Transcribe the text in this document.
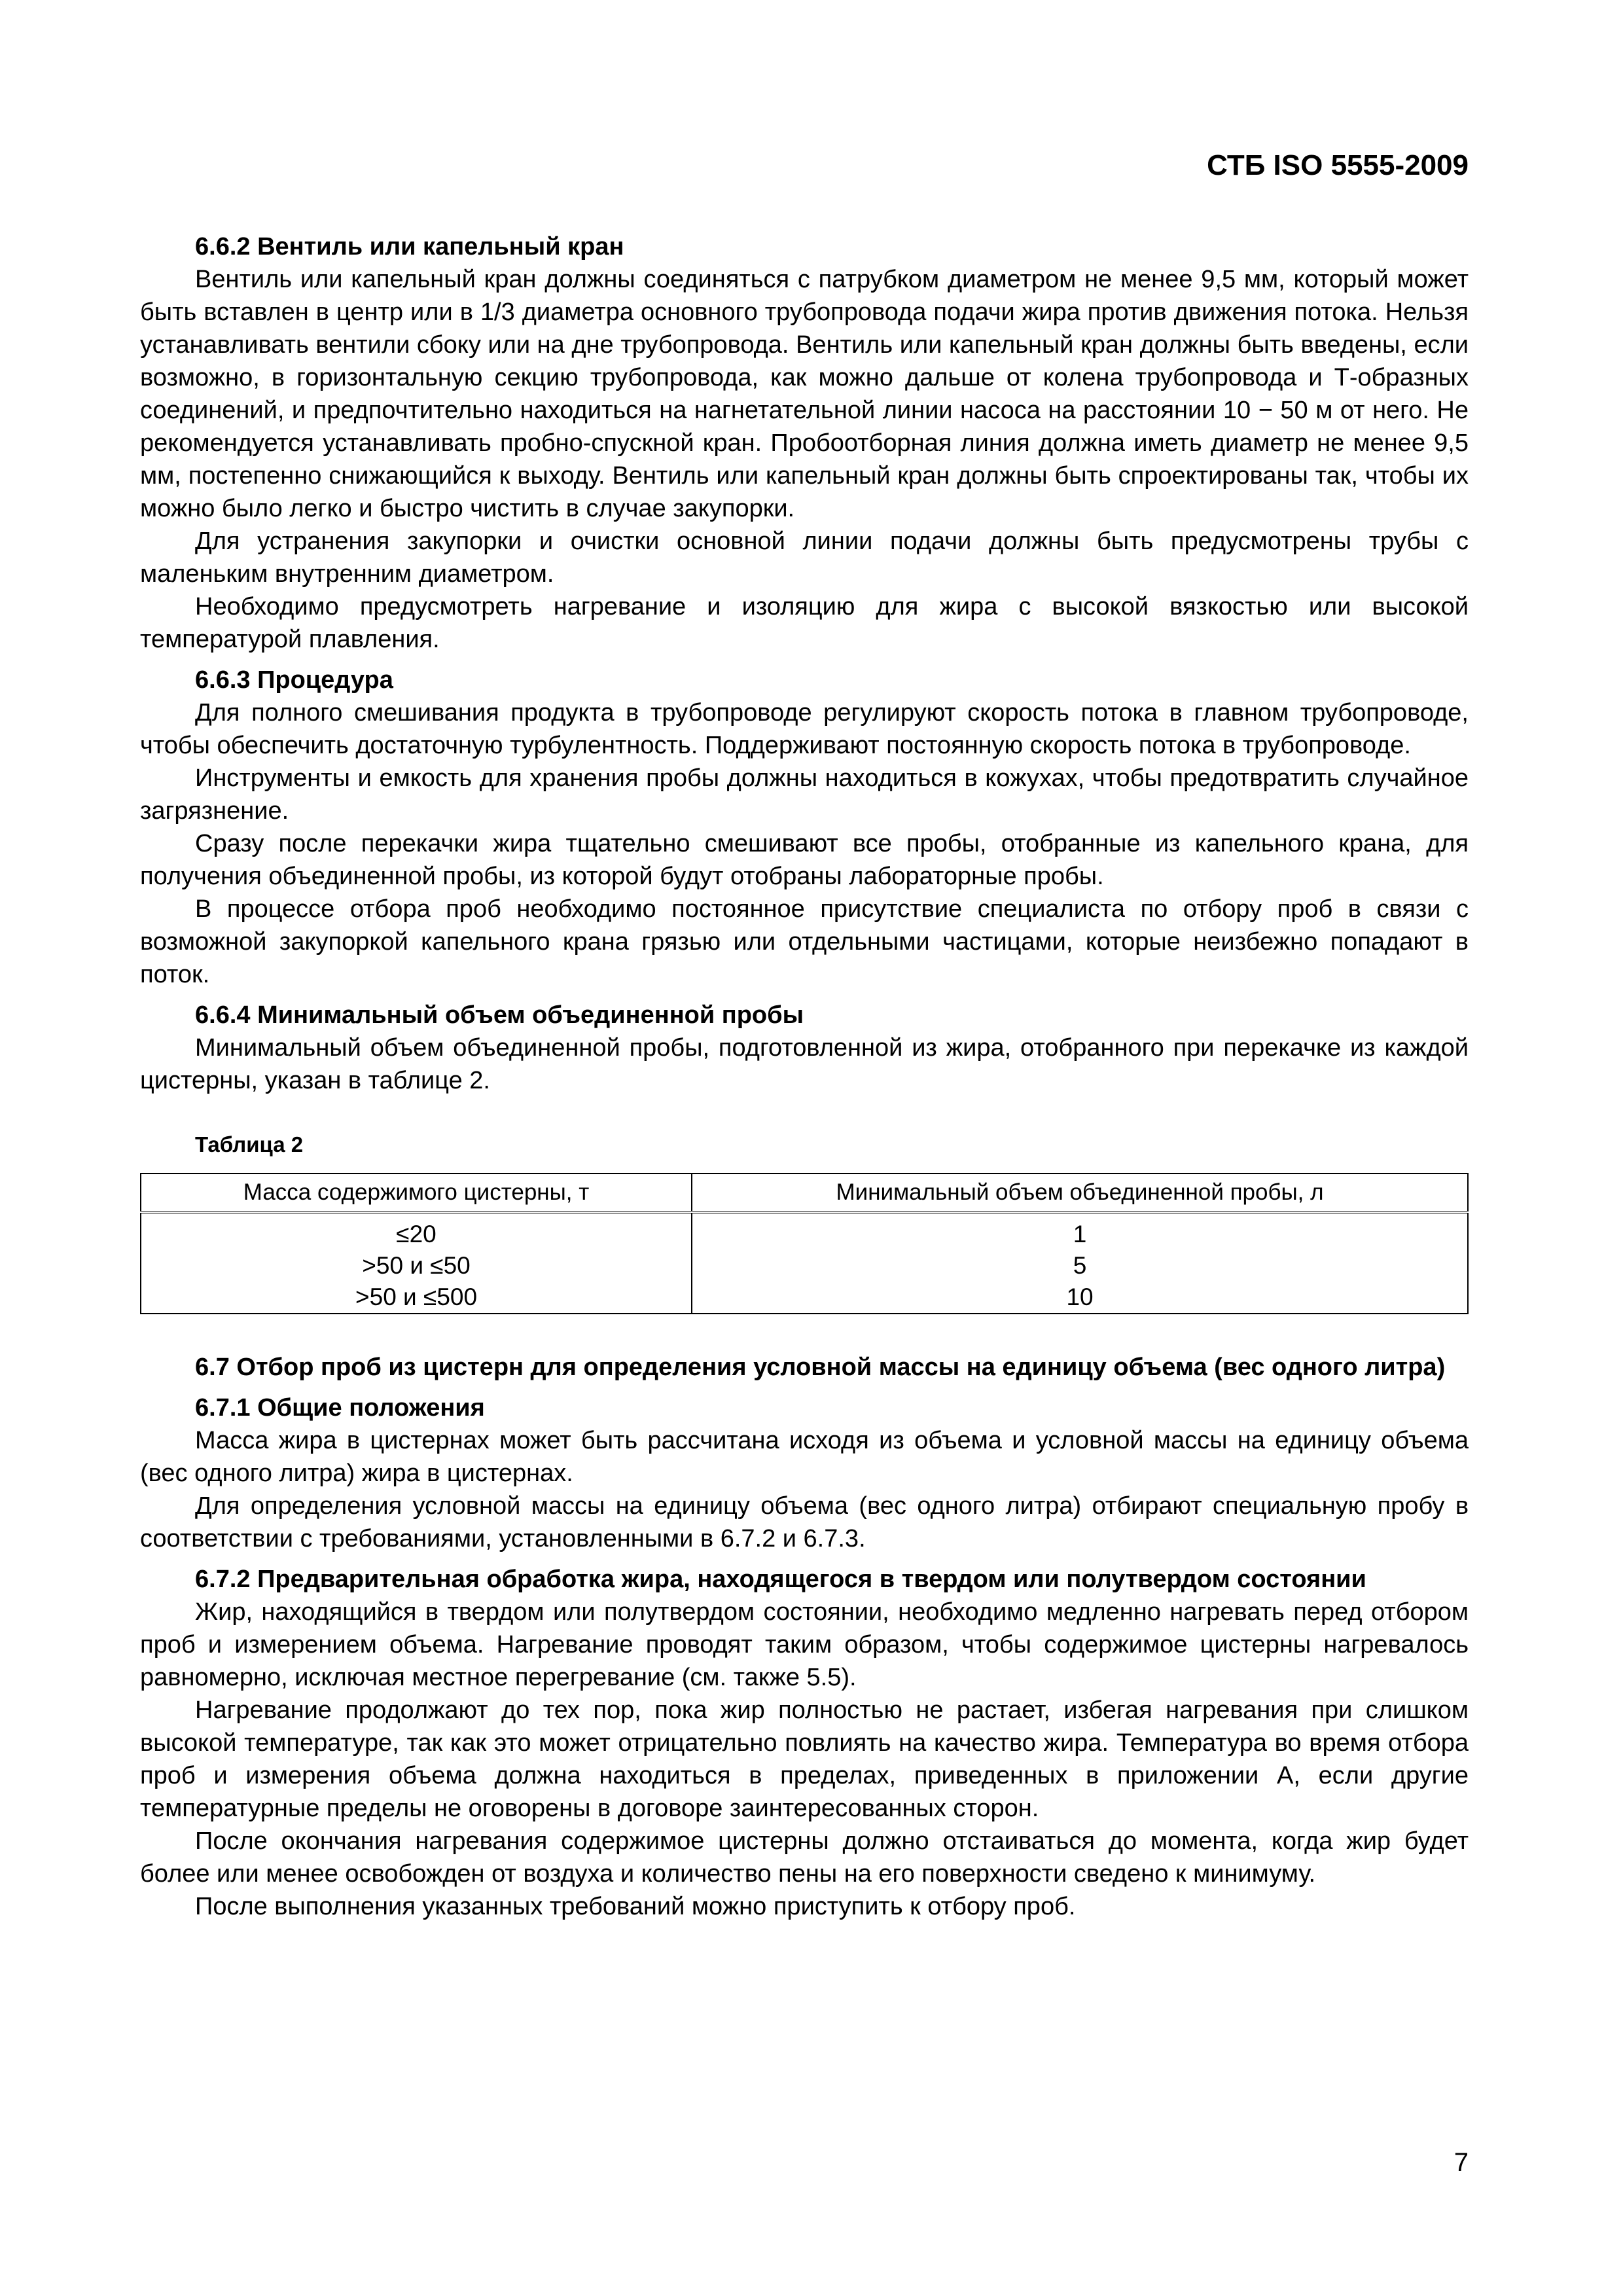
СТБ ISO 5555-2009
6.6.2 Вентиль или капельный кран

Вентиль или капельный кран должны соединяться с патрубком диаметром не менее 9,5 мм, который может быть вставлен в центр или в 1/3 диаметра основного трубопровода подачи жира против движения потока. Нельзя устанавливать вентили сбоку или на дне трубопровода. Вентиль или капельный кран должны быть введены, если возможно, в горизонтальную секцию трубопровода, как можно дальше от колена трубопровода и Т-образных соединений, и предпочтительно находиться на нагнетательной линии насоса на расстоянии 10 − 50 м от него. Не рекомендуется устанавливать пробно-спускной кран. Пробоотборная линия должна иметь диаметр не менее 9,5 мм, постепенно снижающийся к выходу. Вентиль или капельный кран должны быть спроектированы так, чтобы их можно было легко и быстро чистить в случае закупорки.

Для устранения закупорки и очистки основной линии подачи должны быть предусмотрены трубы с маленьким внутренним диаметром.

Необходимо предусмотреть нагревание и изоляцию для жира с высокой вязкостью или высокой температурой плавления.

6.6.3 Процедура

Для полного смешивания продукта в трубопроводе регулируют скорость потока в главном трубопроводе, чтобы обеспечить достаточную турбулентность. Поддерживают постоянную скорость потока в трубопроводе.

Инструменты и емкость для хранения пробы должны находиться в кожухах, чтобы предотвратить случайное загрязнение.

Сразу после перекачки жира тщательно смешивают все пробы, отобранные из капельного крана, для получения объединенной пробы, из которой будут отобраны лабораторные пробы.

В процессе отбора проб необходимо постоянное присутствие специалиста по отбору проб в связи с возможной закупоркой капельного крана грязью или отдельными частицами, которые неизбежно попадают в поток.

6.6.4 Минимальный объем объединенной пробы

Минимальный объем объединенной пробы, подготовленной из жира, отобранного при перекачке из каждой цистерны, указан в таблице 2.

Таблица 2
Масса содержимого цистерны, т	Минимальный объем объединенной пробы, л
≤20	1
>50 и ≤50	5
>50 и ≤500	10
6.7 Отбор проб из цистерн для определения условной массы на единицу объема (вес одного литра)
6.7.1 Общие положения

Масса жира в цистернах может быть рассчитана исходя из объема и условной массы на единицу объема (вес одного литра) жира в цистернах.

Для определения условной массы на единицу объема (вес одного литра) отбирают специальную пробу в соответствии с требованиями, установленными в 6.7.2 и 6.7.3.

6.7.2 Предварительная обработка жира, находящегося в твердом или полутвердом состоянии

Жир, находящийся в твердом или полутвердом состоянии, необходимо медленно нагревать перед отбором проб и измерением объема. Нагревание проводят таким образом, чтобы содержимое цистерны нагревалось равномерно, исключая местное перегревание (см. также 5.5).

Нагревание продолжают до тех пор, пока жир полностью не растает, избегая нагревания при слишком высокой температуре, так как это может отрицательно повлиять на качество жира. Температура во время отбора проб и измерения объема должна находиться в пределах, приведенных в приложении А, если другие температурные пределы не оговорены в договоре заинтересованных сторон.

После окончания нагревания содержимое цистерны должно отстаиваться до момента, когда жир будет более или менее освобожден от воздуха и количество пены на его поверхности сведено к минимуму.

После выполнения указанных требований можно приступить к отбору проб.

7
